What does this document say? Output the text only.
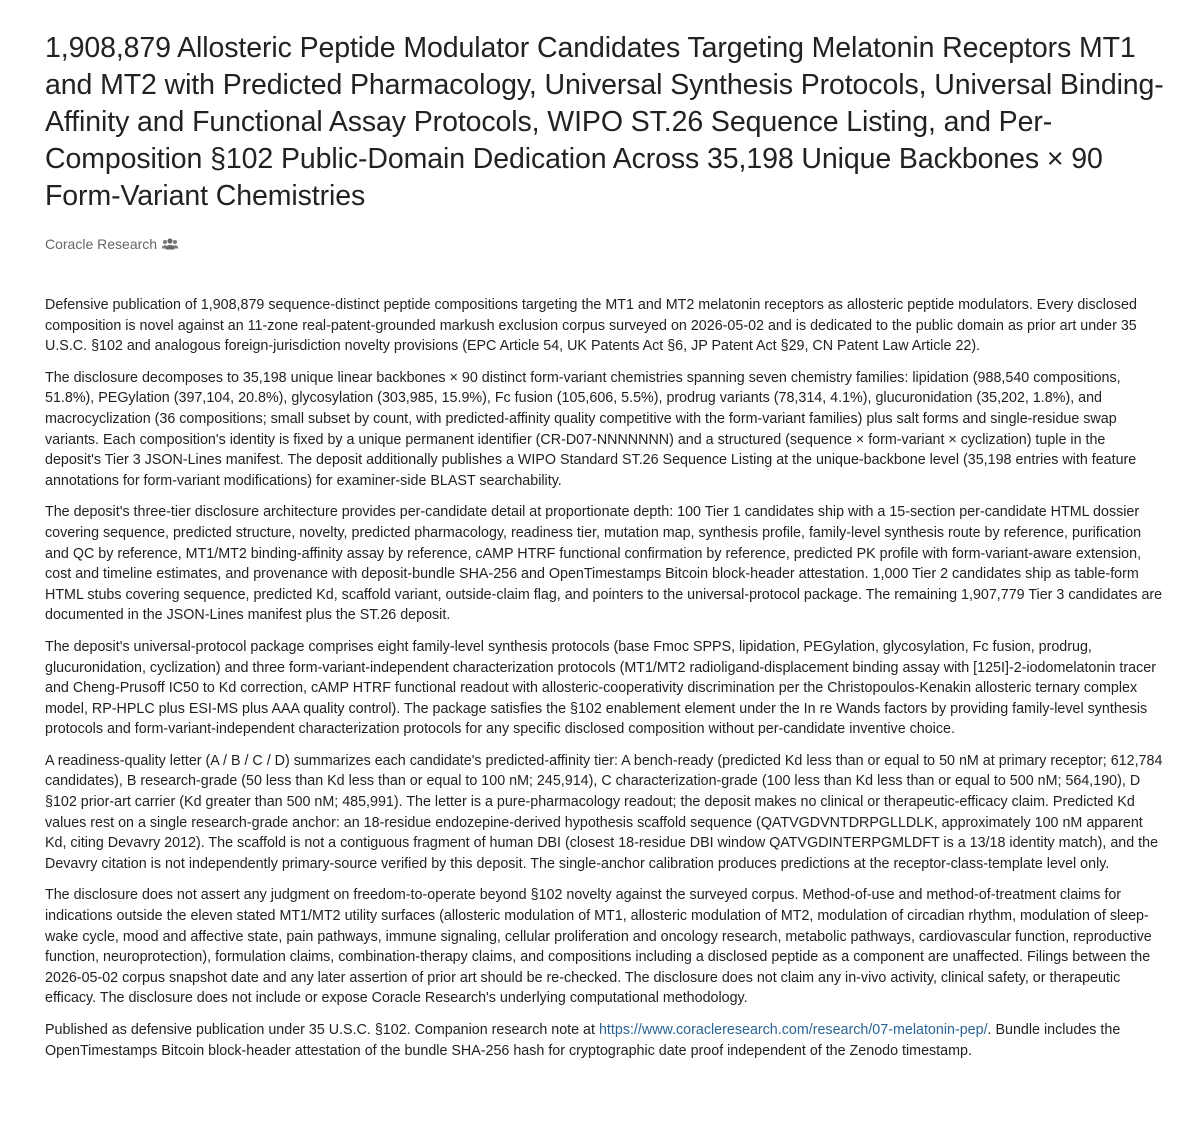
1,908,879 Allosteric Peptide Modulator Candidates Targeting Melatonin Receptors MT1 and MT2 with Predicted Pharmacology, Universal Synthesis Protocols, Universal Binding-Affinity and Functional Assay Protocols, WIPO ST.26 Sequence Listing, and Per-Composition §102 Public-Domain Dedication Across 35,198 Unique Backbones × 90 Form-Variant Chemistries
Coracle Research

Defensive publication of 1,908,879 sequence-distinct peptide compositions targeting the MT1 and MT2 melatonin receptors as allosteric peptide modulators. Every disclosed composition is novel against an 11-zone real-patent-grounded markush exclusion corpus surveyed on 2026-05-02 and is dedicated to the public domain as prior art under 35 U.S.C. §102 and analogous foreign-jurisdiction novelty provisions (EPC Article 54, UK Patents Act §6, JP Patent Act §29, CN Patent Law Article 22).

The disclosure decomposes to 35,198 unique linear backbones × 90 distinct form-variant chemistries spanning seven chemistry families: lipidation (988,540 compositions, 51.8%), PEGylation (397,104, 20.8%), glycosylation (303,985, 15.9%), Fc fusion (105,606, 5.5%), prodrug variants (78,314, 4.1%), glucuronidation (35,202, 1.8%), and macrocyclization (36 compositions; small subset by count, with predicted-affinity quality competitive with the form-variant families) plus salt forms and single-residue swap variants. Each composition's identity is fixed by a unique permanent identifier (CR-D07-NNNNNNN) and a structured (sequence × form-variant × cyclization) tuple in the deposit's Tier 3 JSON-Lines manifest. The deposit additionally publishes a WIPO Standard ST.26 Sequence Listing at the unique-backbone level (35,198 entries with feature annotations for form-variant modifications) for examiner-side BLAST searchability.

The deposit's three-tier disclosure architecture provides per-candidate detail at proportionate depth: 100 Tier 1 candidates ship with a 15-section per-candidate HTML dossier covering sequence, predicted structure, novelty, predicted pharmacology, readiness tier, mutation map, synthesis profile, family-level synthesis route by reference, purification and QC by reference, MT1/MT2 binding-affinity assay by reference, cAMP HTRF functional confirmation by reference, predicted PK profile with form-variant-aware extension, cost and timeline estimates, and provenance with deposit-bundle SHA-256 and OpenTimestamps Bitcoin block-header attestation. 1,000 Tier 2 candidates ship as table-form HTML stubs covering sequence, predicted Kd, scaffold variant, outside-claim flag, and pointers to the universal-protocol package. The remaining 1,907,779 Tier 3 candidates are documented in the JSON-Lines manifest plus the ST.26 deposit.

The deposit's universal-protocol package comprises eight family-level synthesis protocols (base Fmoc SPPS, lipidation, PEGylation, glycosylation, Fc fusion, prodrug, glucuronidation, cyclization) and three form-variant-independent characterization protocols (MT1/MT2 radioligand-displacement binding assay with [125I]-2-iodomelatonin tracer and Cheng-Prusoff IC50 to Kd correction, cAMP HTRF functional readout with allosteric-cooperativity discrimination per the Christopoulos-Kenakin allosteric ternary complex model, RP-HPLC plus ESI-MS plus AAA quality control). The package satisfies the §102 enablement element under the In re Wands factors by providing family-level synthesis protocols and form-variant-independent characterization protocols for any specific disclosed composition without per-candidate inventive choice.

A readiness-quality letter (A / B / C / D) summarizes each candidate's predicted-affinity tier: A bench-ready (predicted Kd less than or equal to 50 nM at primary receptor; 612,784 candidates), B research-grade (50 less than Kd less than or equal to 100 nM; 245,914), C characterization-grade (100 less than Kd less than or equal to 500 nM; 564,190), D §102 prior-art carrier (Kd greater than 500 nM; 485,991). The letter is a pure-pharmacology readout; the deposit makes no clinical or therapeutic-efficacy claim. Predicted Kd values rest on a single research-grade anchor: an 18-residue endozepine-derived hypothesis scaffold sequence (QATVGDVNTDRPGLLDLK, approximately 100 nM apparent Kd, citing Devavry 2012). The scaffold is not a contiguous fragment of human DBI (closest 18-residue DBI window QATVGDINTERPGMLDFT is a 13/18 identity match), and the Devavry citation is not independently primary-source verified by this deposit. The single-anchor calibration produces predictions at the receptor-class-template level only.

The disclosure does not assert any judgment on freedom-to-operate beyond §102 novelty against the surveyed corpus. Method-of-use and method-of-treatment claims for indications outside the eleven stated MT1/MT2 utility surfaces (allosteric modulation of MT1, allosteric modulation of MT2, modulation of circadian rhythm, modulation of sleep-wake cycle, mood and affective state, pain pathways, immune signaling, cellular proliferation and oncology research, metabolic pathways, cardiovascular function, reproductive function, neuroprotection), formulation claims, combination-therapy claims, and compositions including a disclosed peptide as a component are unaffected. Filings between the 2026-05-02 corpus snapshot date and any later assertion of prior art should be re-checked. The disclosure does not claim any in-vivo activity, clinical safety, or therapeutic efficacy. The disclosure does not include or expose Coracle Research's underlying computational methodology.

Published as defensive publication under 35 U.S.C. §102. Companion research note at https://www.coracleresearch.com/research/07-melatonin-pep/. Bundle includes the OpenTimestamps Bitcoin block-header attestation of the bundle SHA-256 hash for cryptographic date proof independent of the Zenodo timestamp.
